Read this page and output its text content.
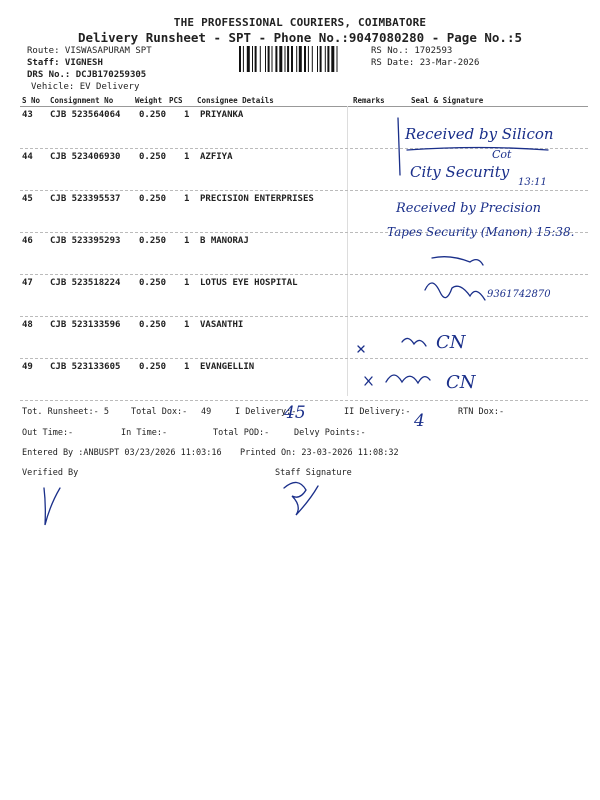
THE PROFESSIONAL COURIERS, COIMBATORE
Delivery Runsheet - SPT - Phone No.:9047080280 - Page No.:5
Route: VISWASAPURAM SPT
Staff: VIGNESH
DRS No.: DCJB170259305
Vehicle: EV Delivery
RS No.: 1702593
RS Date: 23-Mar-2026
S No Consignment No	Weight PCS Consignee Details	Remarks	Seal & Signature
43 CJB 523564064 0.250 1 PRIYANKA
44 CJB 523406930 0.250 1 AZFIYA
45 CJB 523395537 0.250 1 PRECISION ENTERPRISES
46 CJB 523395293 0.250 1 B MANORAJ
47 CJB 523518224 0.250 1 LOTUS EYE HOSPITAL
48 CJB 523133596 0.250 1 VASANTHI
49 CJB 523133605 0.250 1 EVANGELLIN
Received by Silicon
City Security
Cot
13:11
Received by Precision
Tapes Security (Manon) 15:38.
9361742870
CN
CN
45	4
Tot. Runsheet:- 5	Total Dox:- 49	I Delivery:-	II Delivery:-	RTN Dox:-
Out Time:-	In Time:-	Total POD:-	Delvy Points:-
Entered By :ANBUSPT 03/23/2026 11:03:16 Printed On: 23-03-2026 11:08:32
Verified By	Staff Signature
